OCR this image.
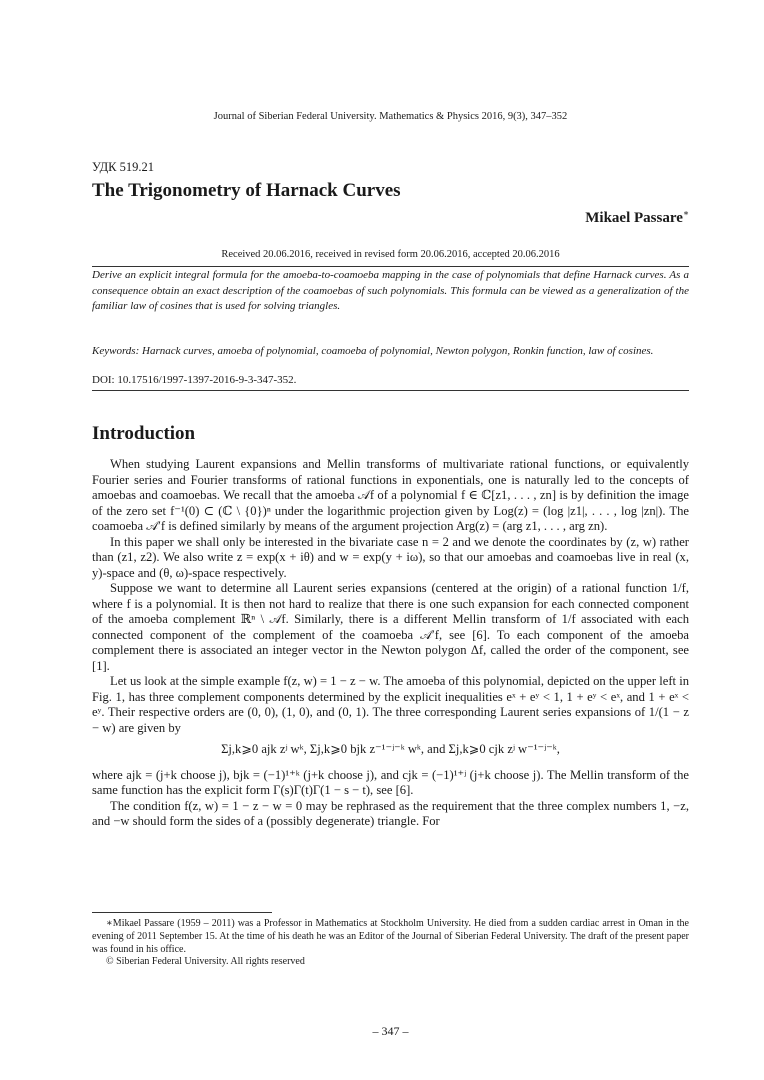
Journal of Siberian Federal University. Mathematics & Physics 2016, 9(3), 347–352
УДК 519.21
The Trigonometry of Harnack Curves
Mikael Passare∗
Received 20.06.2016, received in revised form 20.06.2016, accepted 20.06.2016
Derive an explicit integral formula for the amoeba-to-coamoeba mapping in the case of polynomials that define Harnack curves. As a consequence obtain an exact description of the coamoebas of such polynomials. This formula can be viewed as a generalization of the familiar law of cosines that is used for solving triangles.
Keywords: Harnack curves, amoeba of polynomial, coamoeba of polynomial, Newton polygon, Ronkin function, law of cosines.
DOI: 10.17516/1997-1397-2016-9-3-347-352.
Introduction

When studying Laurent expansions and Mellin transforms of multivariate rational functions, or equivalently Fourier series and Fourier transforms of rational functions in exponentials, one is naturally led to the concepts of amoebas and coamoebas. We recall that the amoeba 𝒜f of a polynomial f ∈ ℂ[z1, . . . , zn] is by definition the image of the zero set f⁻¹(0) ⊂ (ℂ \ {0})ⁿ under the logarithmic projection given by Log(z) = (log |z1|, . . . , log |zn|). The coamoeba 𝒜′f is defined similarly by means of the argument projection Arg(z) = (arg z1, . . . , arg zn).

In this paper we shall only be interested in the bivariate case n = 2 and we denote the coordinates by (z, w) rather than (z1, z2). We also write z = exp(x + iθ) and w = exp(y + iω), so that our amoebas and coamoebas live in real (x, y)-space and (θ, ω)-space respectively.

Suppose we want to determine all Laurent series expansions (centered at the origin) of a rational function 1/f, where f is a polynomial. It is then not hard to realize that there is one such expansion for each connected component of the amoeba complement ℝⁿ \ 𝒜f. Similarly, there is a different Mellin transform of 1/f associated with each connected component of the complement of the coamoeba 𝒜′f, see [6]. To each component of the amoeba complement there is associated an integer vector in the Newton polygon Δf, called the order of the component, see [1].

Let us look at the simple example f(z, w) = 1 − z − w. The amoeba of this polynomial, depicted on the upper left in Fig. 1, has three complement components determined by the explicit inequalities eˣ + eʸ < 1, 1 + eʸ < eˣ, and 1 + eˣ < eʸ. Their respective orders are (0, 0), (1, 0), and (0, 1). The three corresponding Laurent series expansions of 1/(1 − z − w) are given by

Σj,k⩾0 ajk zʲ wᵏ, Σj,k⩾0 bjk z⁻¹⁻ʲ⁻ᵏ wᵏ, and Σj,k⩾0 cjk zʲ w⁻¹⁻ʲ⁻ᵏ,

where ajk = (j+k choose j), bjk = (−1)¹⁺ᵏ (j+k choose j), and cjk = (−1)¹⁺ʲ (j+k choose j). The Mellin transform of the same function has the explicit form Γ(s)Γ(t)Γ(1 − s − t), see [6].

The condition f(z, w) = 1 − z − w = 0 may be rephrased as the requirement that the three complex numbers 1, −z, and −w should form the sides of a (possibly degenerate) triangle. For

∗Mikael Passare (1959 – 2011) was a Professor in Mathematics at Stockholm University. He died from a sudden cardiac arrest in Oman in the evening of 2011 September 15. At the time of his death he was an Editor of the Journal of Siberian Federal University. The draft of the present paper was found in his office.

© Siberian Federal University. All rights reserved

– 347 –
